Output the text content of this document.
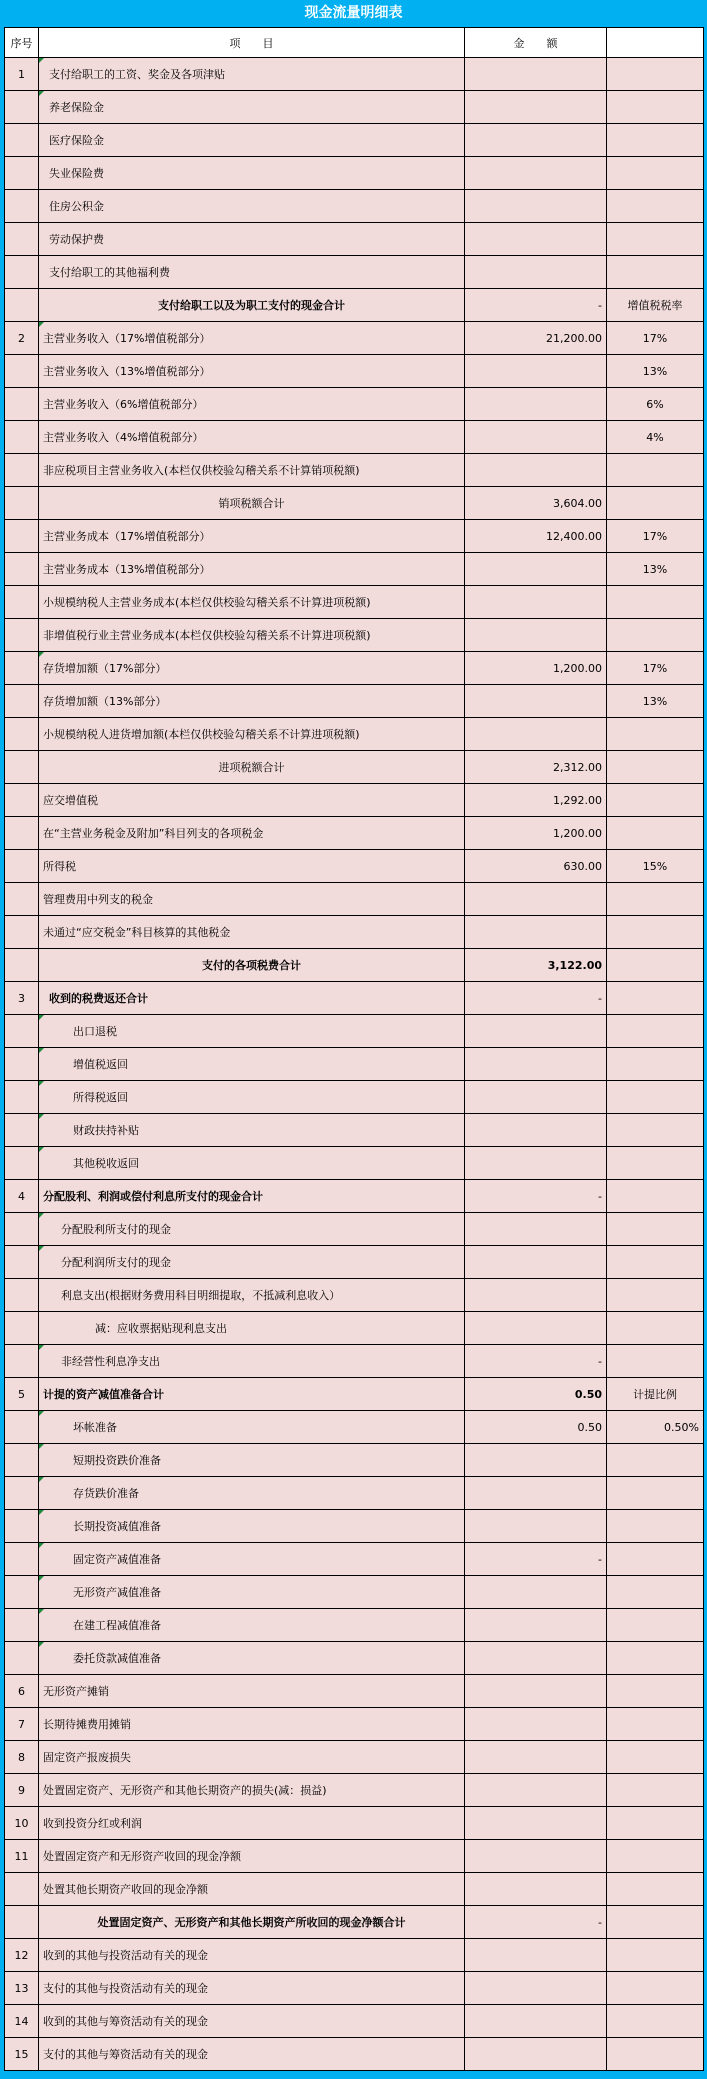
现金流量明细表
序号	项　　目	金　　额	
1	支付给职工的工资、奖金及各项津贴		
	养老保险金		
	医疗保险金		
	失业保险费		
	住房公积金		
	劳动保护费		
	支付给职工的其他福利费		
	支付给职工以及为职工支付的现金合计	-	增值税税率
2	主营业务收入（17%增值税部分）	21,200.00	17%
	主营业务收入（13%增值税部分）		13%
	主营业务收入（6%增值税部分）		6%
	主营业务收入（4%增值税部分）		4%
	非应税项目主营业务收入(本栏仅供校验勾稽关系不计算销项税额)		
	销项税额合计	3,604.00	
	主营业务成本（17%增值税部分）	12,400.00	17%
	主营业务成本（13%增值税部分）		13%
	小规模纳税人主营业务成本(本栏仅供校验勾稽关系不计算进项税额)		
	非增值税行业主营业务成本(本栏仅供校验勾稽关系不计算进项税额)		
	存货增加额（17%部分）	1,200.00	17%
	存货增加额（13%部分）		13%
	小规模纳税人进货增加额(本栏仅供校验勾稽关系不计算进项税额)		
	进项税额合计	2,312.00	
	应交增值税	1,292.00	
	在“主营业务税金及附加”科目列支的各项税金	1,200.00	
	所得税	630.00	15%
	管理费用中列支的税金		
	未通过“应交税金”科目核算的其他税金		
	支付的各项税费合计	3,122.00	
3	收到的税费返还合计	-	
	出口退税		
	增值税返回		
	所得税返回		
	财政扶持补贴		
	其他税收返回		
4	分配股利、利润或偿付利息所支付的现金合计	-	
	分配股利所支付的现金		
	分配利润所支付的现金		
	利息支出(根据财务费用科目明细提取，不抵减利息收入）		
	减：应收票据贴现利息支出		
	非经营性利息净支出	-	
5	计提的资产减值准备合计	0.50	计提比例
	坏帐准备	0.50	0.50%
	短期投资跌价准备		
	存货跌价准备		
	长期投资减值准备		
	固定资产减值准备	-	
	无形资产减值准备		
	在建工程减值准备		
	委托贷款减值准备		
6	无形资产摊销		
7	长期待摊费用摊销		
8	固定资产报废损失		
9	处置固定资产、无形资产和其他长期资产的损失(减：损益)		
10	收到投资分红或利润		
11	处置固定资产和无形资产收回的现金净额		
	处置其他长期资产收回的现金净额		
	处置固定资产、无形资产和其他长期资产所收回的现金净额合计	-	
12	收到的其他与投资活动有关的现金		
13	支付的其他与投资活动有关的现金		
14	收到的其他与筹资活动有关的现金		
15	支付的其他与筹资活动有关的现金		
